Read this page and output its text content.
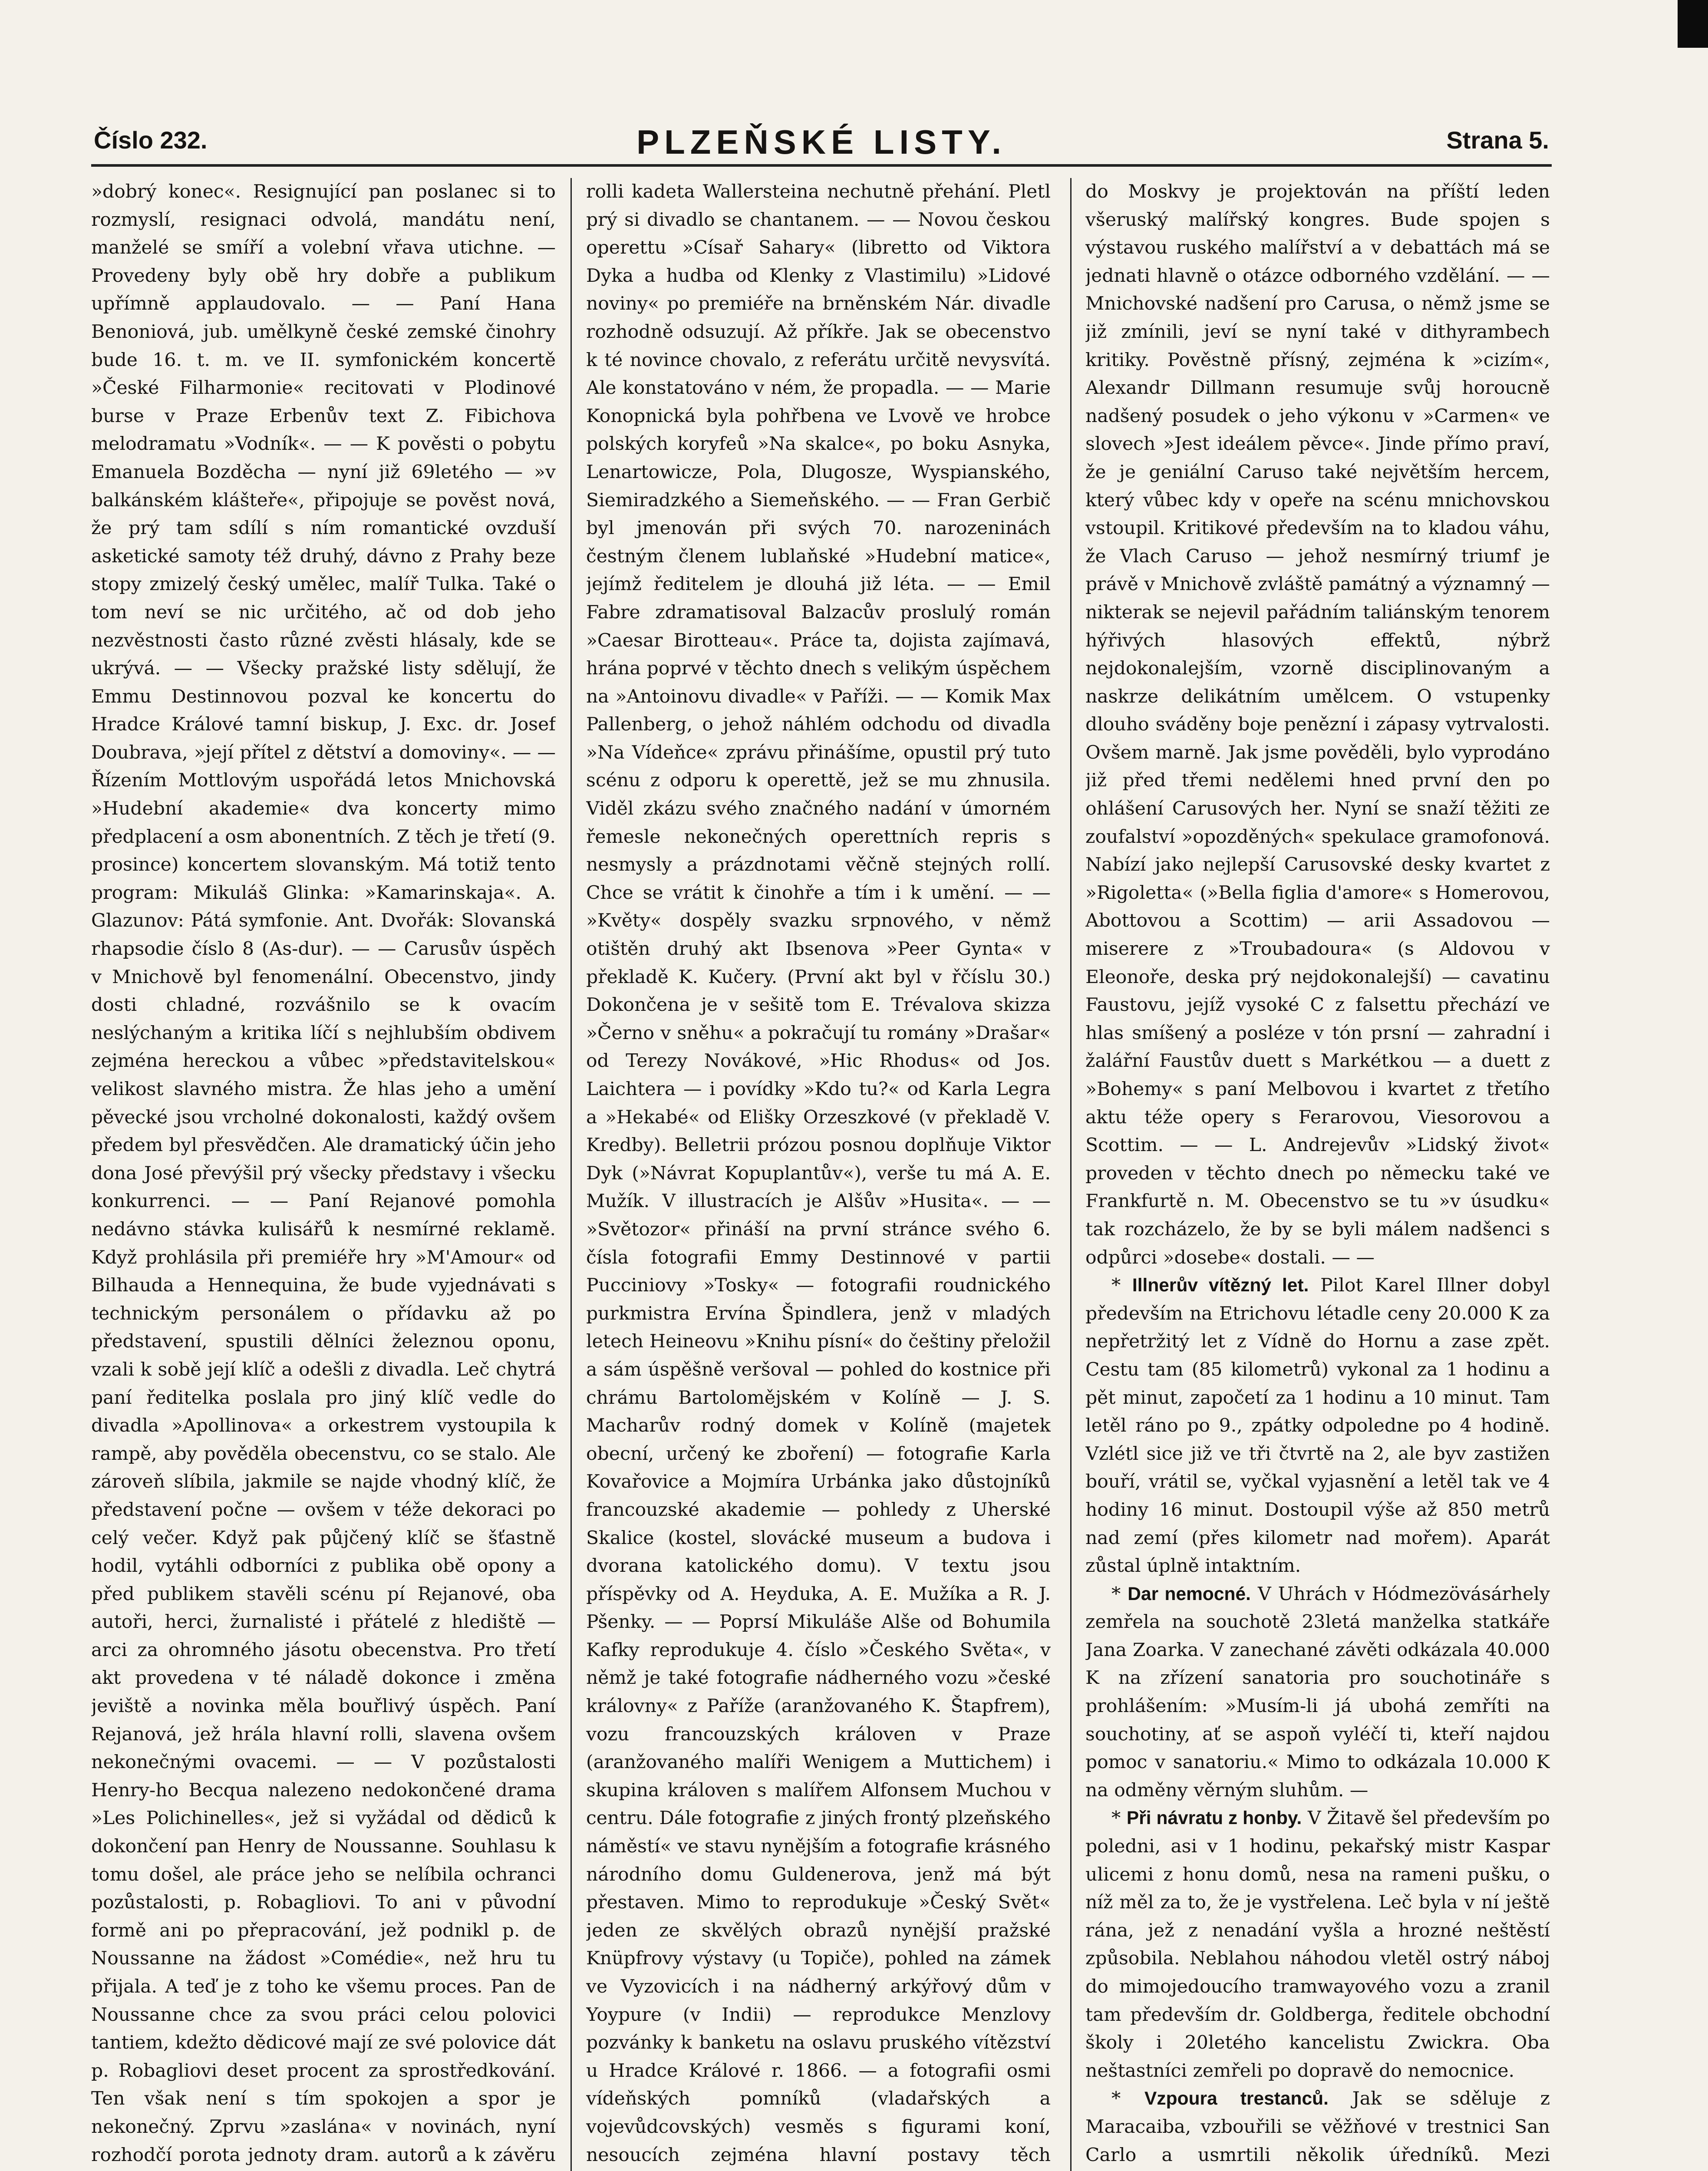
Číslo 232.	PLZEŇSKÉ LISTY.	Strana 5.

»dobrý konec«. Resignující pan poslanec si to rozmyslí, resignaci odvolá, mandátu není, manželé se smíří a volební vřava utichne. — Provedeny byly obě hry dobře a publikum upřímně applaudovalo. — — Paní Hana Benoniová, jub. umělkyně české zemské činohry bude 16. t. m. ve II. symfonickém koncertě »České Filharmonie« recitovati v Plodinové burse v Praze Erbenův text Z. Fibichova melodramatu »Vodník«. — — K pověsti o pobytu Emanuela Bozděcha — nyní již 69letého — »v balkánském klášteře«, připojuje se pověst nová, že prý tam sdílí s ním romantické ovzduší asketické samoty též druhý, dávno z Prahy beze stopy zmizelý český umělec, malíř Tulka. Také o tom neví se nic určitého, ač od dob jeho nezvěstnosti často různé zvěsti hlásaly, kde se ukrývá. — — Všecky pražské listy sdělují, že Emmu Destinnovou pozval ke koncertu do Hradce Králové tamní biskup, J. Exc. dr. Josef Doubrava, »její přítel z dětství a domoviny«. — — Řízením Mottlovým uspořádá letos Mnichovská »Hudební akademie« dva koncerty mimo předplacení a osm abonentních. Z těch je třetí (9. prosince) koncertem slovanským. Má totiž tento program: Mikuláš Glinka: »Kamarinskaja«. A. Glazunov: Pátá symfonie. Ant. Dvořák: Slovanská rhapsodie číslo 8 (As-dur). — — Carusův úspěch v Mnichově byl fenomenální. Obecenstvo, jindy dosti chladné, rozvášnilo se k ovacím neslýchaným a kritika líčí s nejhlubším obdivem zejména hereckou a vůbec »představitelskou« velikost slavného mistra. Že hlas jeho a umění pěvecké jsou vrcholné dokonalosti, každý ovšem předem byl přesvědčen. Ale dramatický účin jeho dona José převýšil prý všecky představy i všecku konkurrenci. — — Paní Rejanové pomohla nedávno stávka kulisářů k nesmírné reklamě. Když prohlásila při premiéře hry »M'Amour« od Bilhauda a Hennequina, že bude vyjednávati s technickým personálem o přídavku až po představení, spustili dělníci železnou oponu, vzali k sobě její klíč a odešli z divadla. Leč chytrá paní ředitelka poslala pro jiný klíč vedle do divadla »Apollinova« a orkestrem vystoupila k rampě, aby pověděla obecenstvu, co se stalo. Ale zároveň slíbila, jakmile se najde vhodný klíč, že představení počne — ovšem v téže dekoraci po celý večer. Když pak půjčený klíč se šťastně hodil, vytáhli odborníci z publika obě opony a před publikem stavěli scénu pí Rejanové, oba autoři, herci, žurnalisté i přátelé z hlediště — arci za ohromného jásotu obecenstva. Pro třetí akt provedena v té náladě dokonce i změna jeviště a novinka měla bouřlivý úspěch. Paní Rejanová, jež hrála hlavní rolli, slavena ovšem nekonečnými ovacemi. — — V pozůstalosti Henry-ho Becqua nalezeno nedokončené drama »Les Polichinelles«, jež si vyžádal od dědiců k dokončení pan Henry de Noussanne. Souhlasu k tomu došel, ale práce jeho se nelíbila ochranci pozůstalosti, p. Robagliovi. To ani v původní formě ani po přepracování, jež podnikl p. de Noussanne na žádost »Comédie«, než hru tu přijala. A teď je z toho ke všemu proces. Pan de Noussanne chce za svou práci celou polovici tantiem, kdežto dědicové mají ze své polovice dát p. Robagliovi deset procent za sprostředkování. Ten však není s tím spokojen a spor je nekonečný. Zprvu »zaslána« v novinách, nyní rozhodčí porota jednoty dram. autorů a k závěru

rolli kadeta Wallersteina nechutně přehání. Pletl prý si divadlo se chantanem. — — Novou českou operettu »Císař Sahary« (libretto od Viktora Dyka a hudba od Klenky z Vlastimilu) »Lidové noviny« po premiéře na brněnském Nár. divadle rozhodně odsuzují. Až příkře. Jak se obecenstvo k té novince chovalo, z referátu určitě nevysvítá. Ale konstatováno v ném, že propadla. — — Marie Konopnická byla pohřbena ve Lvově ve hrobce polských koryfeů »Na skalce«, po boku Asnyka, Lenartowicze, Pola, Dlugosze, Wyspianského, Siemiradzkého a Siemeňského. — — Fran Gerbič byl jmenován při svých 70. narozeninách čestným členem lublaňské »Hudební matice«, jejímž ředitelem je dlouhá již léta. — — Emil Fabre zdramatisoval Balzacův proslulý román »Caesar Birotteau«. Práce ta, dojista zajímavá, hrána poprvé v těchto dnech s velikým úspěchem na »Antoinovu divadle« v Paříži. — — Komik Max Pallenberg, o jehož náhlém odchodu od divadla »Na Vídeňce« zprávu přinášíme, opustil prý tuto scénu z odporu k operettě, jež se mu zhnusila. Viděl zkázu svého značného nadání v úmorném řemesle nekonečných operettních repris s nesmysly a prázdnotami věčně stejných rollí. Chce se vrátit k činohře a tím i k umění. — — »Květy« dospěly svazku srpnového, v němž otištěn druhý akt Ibsenova »Peer Gynta« v překladě K. Kučery. (První akt byl v řčíslu 30.) Dokončena je v sešitě tom E. Trévalova skizza »Černo v sněhu« a pokračují tu romány »Drašar« od Terezy Novákové, »Hic Rhodus« od Jos. Laichtera — i povídky »Kdo tu?« od Karla Legra a »Hekabé« od Elišky Orzeszkové (v překladě V. Kredby). Belletrii prózou posnou doplňuje Viktor Dyk (»Návrat Kopuplantův«), verše tu má A. E. Mužík. V illustracích je Alšův »Husita«. — — »Světozor« přináší na první stránce svého 6. čísla fotografii Emmy Destinnové v partii Pucciniovy »Tosky« — fotografii roudnického purkmistra Ervína Špindlera, jenž v mladých letech Heineovu »Knihu písní« do češtiny přeložil a sám úspěšně veršoval — pohled do kostnice při chrámu Bartolomějském v Kolíně — J. S. Macharův rodný domek v Kolíně (majetek obecní, určený ke zboření) — fotografie Karla Kovařovice a Mojmíra Urbánka jako důstojníků francouzské akademie — pohledy z Uherské Skalice (kostel, slovácké museum a budova i dvorana katolického domu). V textu jsou příspěvky od A. Heyduka, A. E. Mužíka a R. J. Pšenky. — — Poprsí Mikuláše Alše od Bohumila Kafky reprodukuje 4. číslo »Českého Světa«, v němž je také fotografie nádherného vozu »české královny« z Paříže (aranžovaného K. Štapfrem), vozu francouzských královen v Praze (aranžovaného malíři Wenigem a Muttichem) i skupina královen s malířem Alfonsem Muchou v centru. Dále fotografie z jiných frontý plzeňského náměstí« ve stavu nynějším a fotografie krásného národního domu Guldenerova, jenž má být přestaven. Mimo to reprodukuje »Český Svět« jeden ze skvělých obrazů nynější pražské Knüpfrovy výstavy (u Topiče), pohled na zámek ve Vyzovicích i na nádherný arkýřový dům v Yoypure (v Indii) — reprodukce Menzlovy pozvánky k banketu na oslavu pruského vítězství u Hradce Králové r. 1866. — a fotografii osmi vídeňských pomníků (vladařských a vojevůdcovských) vesměs s figurami koní, nesoucích zejména hlavní postavy těch

do Moskvy je projektován na příští leden všeruský malířský kongres. Bude spojen s výstavou ruského malířství a v debattách má se jednati hlavně o otázce odborného vzdělání. — — Mnichovské nadšení pro Carusa, o němž jsme se již zmínili, jeví se nyní také v dithyrambech kritiky. Pověstně přísný, zejména k »cizím«, Alexandr Dillmann resumuje svůj horoucně nadšený posudek o jeho výkonu v »Carmen« ve slovech »Jest ideálem pěvce«. Jinde přímo praví, že je geniální Caruso také největším hercem, který vůbec kdy v opeře na scénu mnichovskou vstoupil. Kritikové především na to kladou váhu, že Vlach Caruso — jehož nesmírný triumf je právě v Mnichově zvláště památný a významný — nikterak se nejevil pařádním taliánským tenorem hýřivých hlasových effektů, nýbrž nejdokonalejším, vzorně disciplinovaným a naskrze delikátním umělcem. O vstupenky dlouho sváděny boje penězní i zápasy vytrvalosti. Ovšem marně. Jak jsme pověděli, bylo vyprodáno již před třemi nedělemi hned první den po ohlášení Carusových her. Nyní se snaží těžiti ze zoufalství »opozděných« spekulace gramofonová. Nabízí jako nejlepší Carusovské desky kvartet z »Rigoletta« (»Bella figlia d'amore« s Homerovou, Abottovou a Scottim) — arii Assadovou — miserere z »Troubadoura« (s Aldovou v Eleonoře, deska prý nejdokonalejší) — cavatinu Faustovu, jejíž vysoké C z falsettu přechází ve hlas smíšený a posléze v tón prsní — zahradní i žalářní Faustův duett s Markétkou — a duett z »Bohemy« s paní Melbovou i kvartet z třetího aktu téže opery s Ferarovou, Viesorovou a Scottim. — — L. Andrejevův »Lidský život« proveden v těchto dnech po německu také ve Frankfurtě n. M. Obecenstvo se tu »v úsudku« tak rozcházelo, že by se byli málem nadšenci s odpůrci »dosebe« dostali. — —

* Illnerův vítězný let. Pilot Karel Illner dobyl především na Etrichovu létadle ceny 20.000 K za nepřetržitý let z Vídně do Hornu a zase zpět. Cestu tam (85 kilometrů) vykonal za 1 hodinu a pět minut, započetí za 1 hodinu a 10 minut. Tam letěl ráno po 9., zpátky odpoledne po 4 hodině. Vzlétl sice již ve tři čtvrtě na 2, ale byv zastižen bouří, vrátil se, vyčkal vyjasnění a letěl tak ve 4 hodiny 16 minut. Dostoupil výše až 850 metrů nad zemí (přes kilometr nad mořem). Aparát zůstal úplně intaktním.

* Dar nemocné. V Uhrách v Hódmezövásárhely zemřela na souchotě 23letá manželka statkáře Jana Zoarka. V zanechané závěti odkázala 40.000 K na zřízení sanatoria pro souchotináře s prohlášením: »Musím-li já ubohá zemříti na souchotiny, ať se aspoň vyléčí ti, kteří najdou pomoc v sanatoriu.« Mimo to odkázala 10.000 K na odměny věrným sluhům. —

* Při návratu z honby. V Žitavě šel především po poledni, asi v 1 hodinu, pekařský mistr Kaspar ulicemi z honu domů, nesa na rameni pušku, o níž měl za to, že je vystřelena. Leč byla v ní ještě rána, jež z nenadání vyšla a hrozné neštěstí způsobila. Neblahou náhodou vletěl ostrý náboj do mimojedoucího tramwayového vozu a zranil tam především dr. Goldberga, ředitele obchodní školy i 20letého kancelistu Zwickra. Oba neštastníci zemřeli po dopravě do nemocnice.

* Vzpoura trestanců. Jak se sděluje z Maracaiba, vzbouřili se věžňové v trestnici San Carlo a usmrtili několik úředníků. Mezi
